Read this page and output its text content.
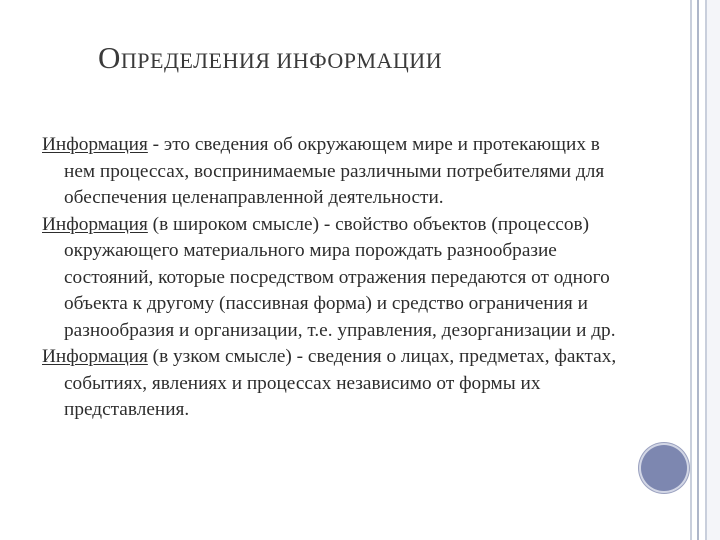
ОПРЕДЕЛЕНИЯ ИНФОРМАЦИИ

Информация - это сведения об окружающем мире и протекающих в нем процессах, воспринимаемые различными потребителями для обеспечения целенаправленной деятельности.

Информация (в широком смысле) - свойство объектов (процессов) окружающего материального мира порождать разнообразие состояний, которые посредством отражения передаются от одного объекта к другому (пассивная форма) и средство ограничения и разнообразия и организации, т.е. управления, дезорганизации и др.

Информация (в узком смысле) - сведения о лицах, предметах, фактах, событиях, явлениях и процессах независимо от формы их представления.
